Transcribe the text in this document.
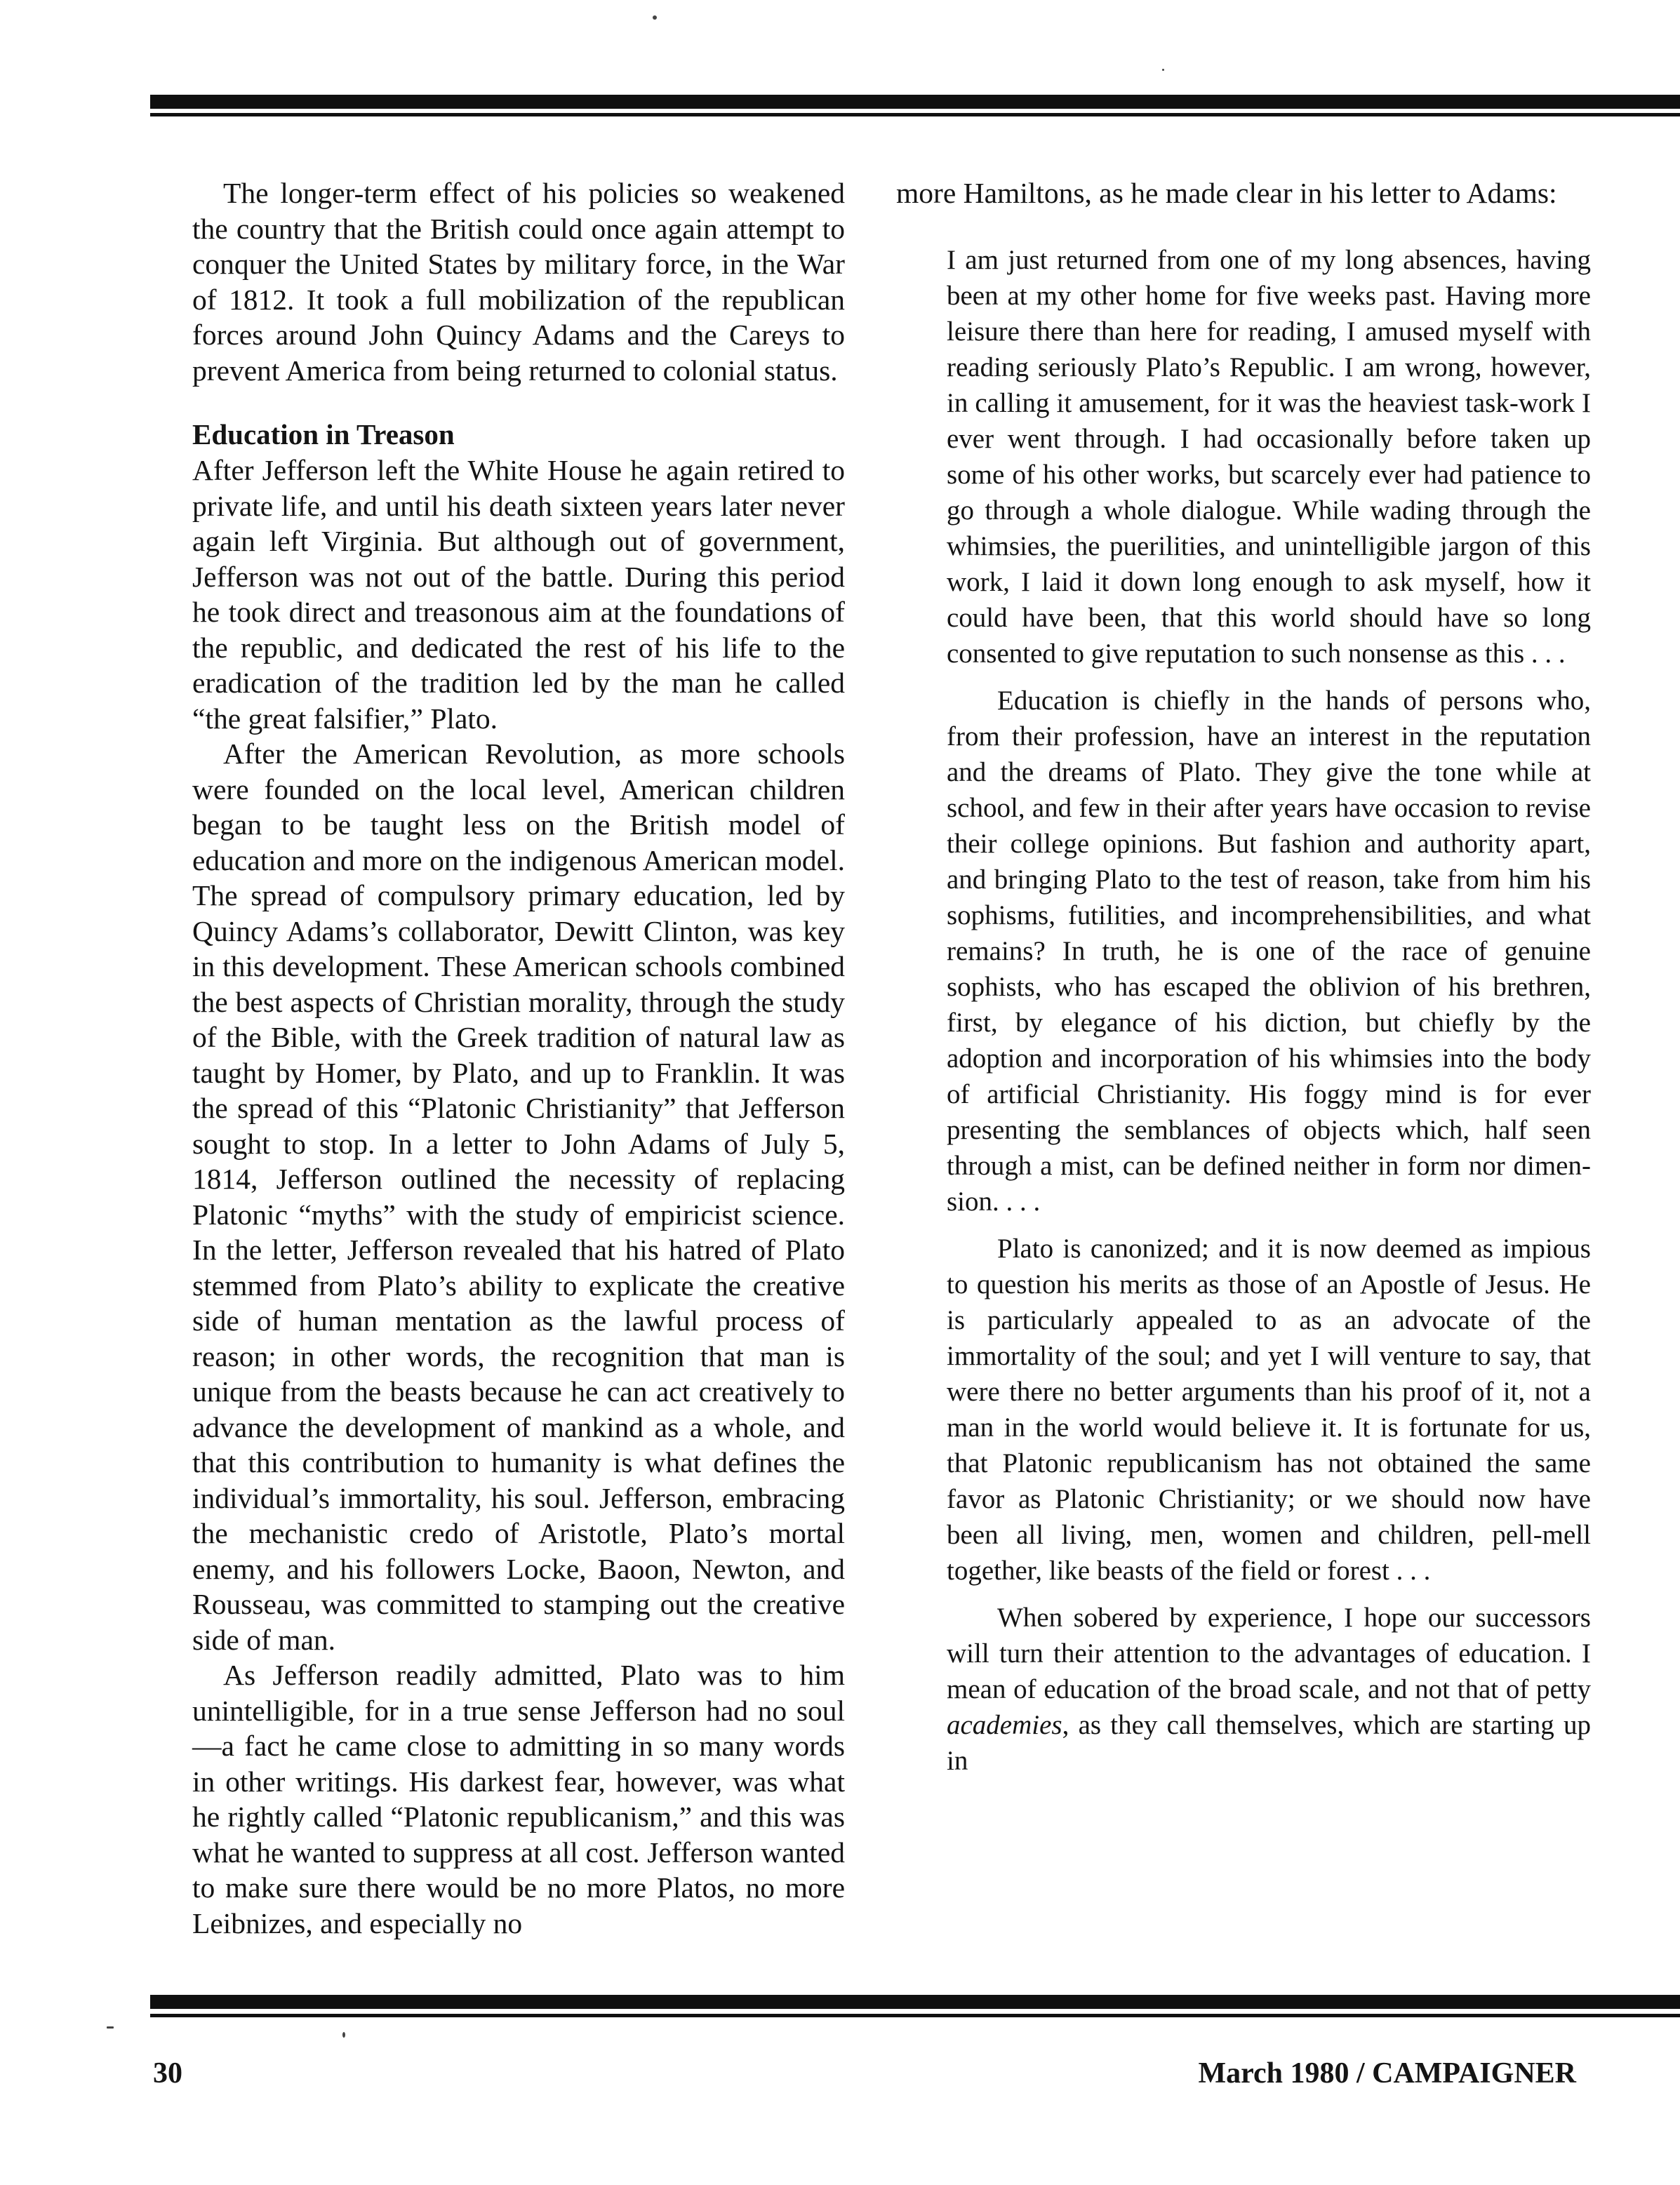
The longer-term effect of his policies so weakened the country that the British could once again attempt to conquer the United States by military force, in the War of 1812. It took a full mobilization of the republican forces around John Quincy Adams and the Careys to prevent America from being returned to colonial status.

Education in Treason

After Jefferson left the White House he again retired to private life, and until his death sixteen years later never again left Virginia. But although out of government, Jefferson was not out of the battle. During this period he took direct and treasonous aim at the foundations of the republic, and dedicated the rest of his life to the eradication of the tradition led by the man he called “the great falsifier,” Plato.

After the American Revolution, as more schools were founded on the local level, American children began to be taught less on the British model of education and more on the indigenous American model. The spread of compulsory primary education, led by Quincy Adams’s collaborator, Dewitt Clinton, was key in this development. These American schools combined the best aspects of Christian morality, through the study of the Bible, with the Greek tradition of natural law as taught by Homer, by Plato, and up to Franklin. It was the spread of this “Platonic Christianity” that Jefferson sought to stop. In a letter to John Adams of July 5, 1814, Jefferson outlined the necessity of replacing Platonic “myths” with the study of empiricist science. In the letter, Jefferson revealed that his hatred of Plato stemmed from Plato’s ability to explicate the creative side of human mentation as the lawful process of reason; in other words, the recognition that man is unique from the beasts because he can act creatively to advance the development of mankind as a whole, and that this contribution to humanity is what defines the individual’s immortality, his soul. Jefferson, embracing the mechanistic credo of Aristotle, Plato’s mortal enemy, and his followers Locke, Baoon, Newton, and Rousseau, was committed to stamping out the creative side of man.

As Jefferson readily admitted, Plato was to him unintelligible, for in a true sense Jefferson had no soul—a fact he came close to admitting in so many words in other writings. His darkest fear, however, was what he rightly called “Platonic republicanism,” and this was what he wanted to suppress at all cost. Jefferson wanted to make sure there would be no more Platos, no more Leibnizes, and especially no

more Hamiltons, as he made clear in his letter to Adams:

I am just returned from one of my long absences, having been at my other home for five weeks past. Having more leisure there than here for reading, I amused myself with reading seriously Plato’s Republic. I am wrong, however, in calling it amusement, for it was the heaviest task-work I ever went through. I had occasionally before taken up some of his other works, but scarcely ever had patience to go through a whole dialogue. While wading through the whimsies, the puerilities, and unintelligible jargon of this work, I laid it down long enough to ask myself, how it could have been, that this world should have so long consented to give reputation to such nonsense as this . . .

Education is chiefly in the hands of persons who, from their profession, have an interest in the reputation and the dreams of Plato. They give the tone while at school, and few in their after years have occasion to revise their college opinions. But fashion and authority apart, and bringing Plato to the test of reason, take from him his sophisms, futilities, and incomprehensibilities, and what remains? In truth, he is one of the race of genuine sophists, who has escaped the oblivion of his brethren, first, by elegance of his diction, but chiefly by the adoption and incorporation of his whimsies into the body of artificial Christianity. His foggy mind is for ever presenting the semblances of objects which, half seen through a mist, can be defined neither in form nor dimension. . . .

Plato is canonized; and it is now deemed as impious to question his merits as those of an Apostle of Jesus. He is particularly appealed to as an advocate of the immortality of the soul; and yet I will venture to say, that were there no better arguments than his proof of it, not a man in the world would believe it. It is fortunate for us, that Platonic republicanism has not obtained the same favor as Platonic Christianity; or we should now have been all living, men, women and children, pell-mell together, like beasts of the field or forest . . .

When sobered by experience, I hope our successors will turn their attention to the advantages of education. I mean of education of the broad scale, and not that of petty academies, as they call themselves, which are starting up in

30	March 1980 / CAMPAIGNER
